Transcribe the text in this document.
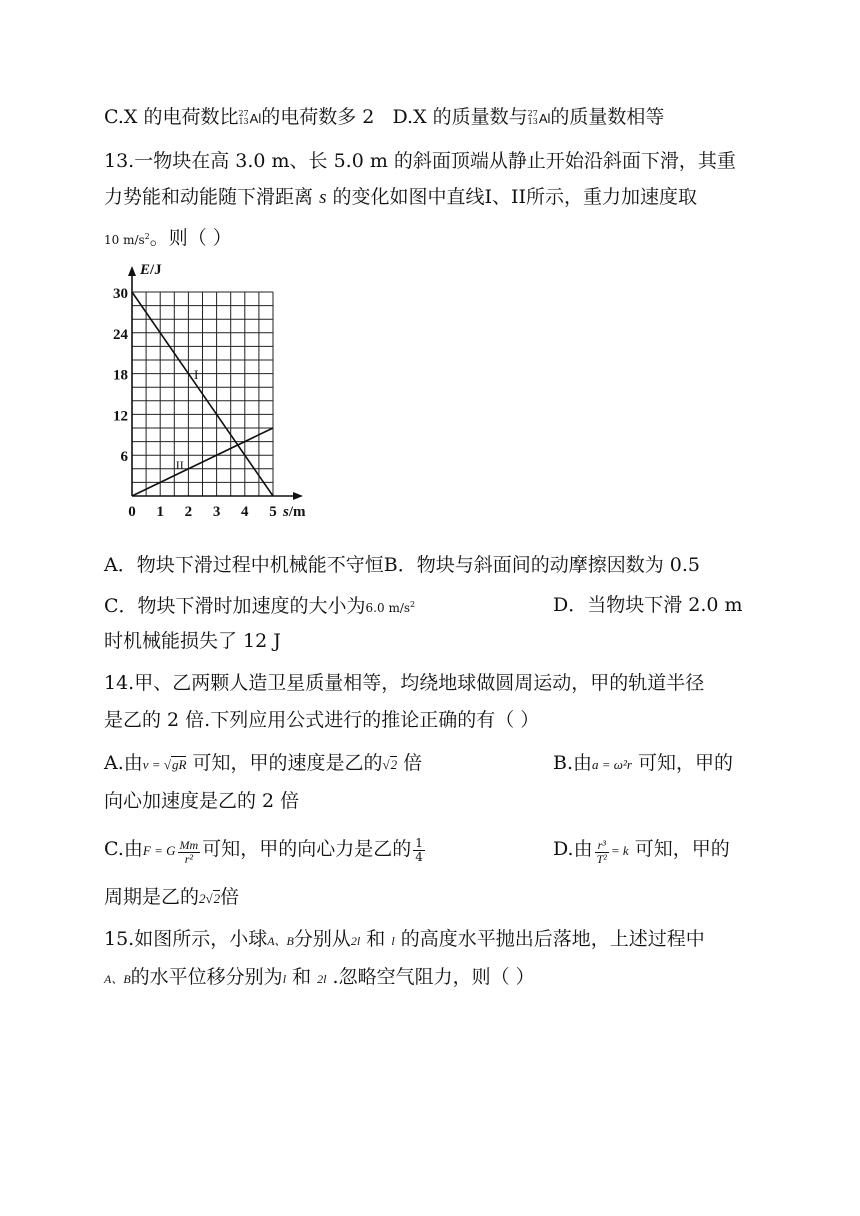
C.X 的电荷数比27
13Al的电荷数多 2 D.X 的质量数与27
13Al的质量数相等
13.一物块在高 3.0 m、长 5.0 m 的斜面顶端从静止开始沿斜面下滑，其重
力势能和动能随下滑距离 s 的变化如图中直线I、II所示，重力加速度取
10 $m/s^2$。则（ ）
I
II
0 1 2 3 4 5
6
12
18
24
30
s/m
E/J
A．物块下滑过程中机械能不守恒B．物块与斜面间的动摩擦因数为 0.5
C．物块下滑时加速度的大小为6.0 $m/s^2$	D．当物块下滑 2.0 m
时机械能损失了 12 J
14.甲、乙两颗人造卫星质量相等，均绕地球做圆周运动，甲的轨道半径
是乙的 2 倍.下列应用公式进行的推论正确的有（ ）
A.由v = √gR 可知，甲的速度是乙的√2 倍	B.由a = ω²r 可知，甲的
向心加速度是乙的 2 倍
C.由F = G $\frac{Mm}{\text{r²}}$ 可知，甲的向心力是乙的 $\frac{1}{4}$	D.由 $\frac{\text{r³}}{\text{T²}} = k$ 可知，甲的
周期是乙的2√2倍
15.如图所示，小球A、B分别从2l 和 l 的高度水平抛出后落地，上述过程中
A、B的水平位移分别为l 和 2l .忽略空气阻力，则（ ）
